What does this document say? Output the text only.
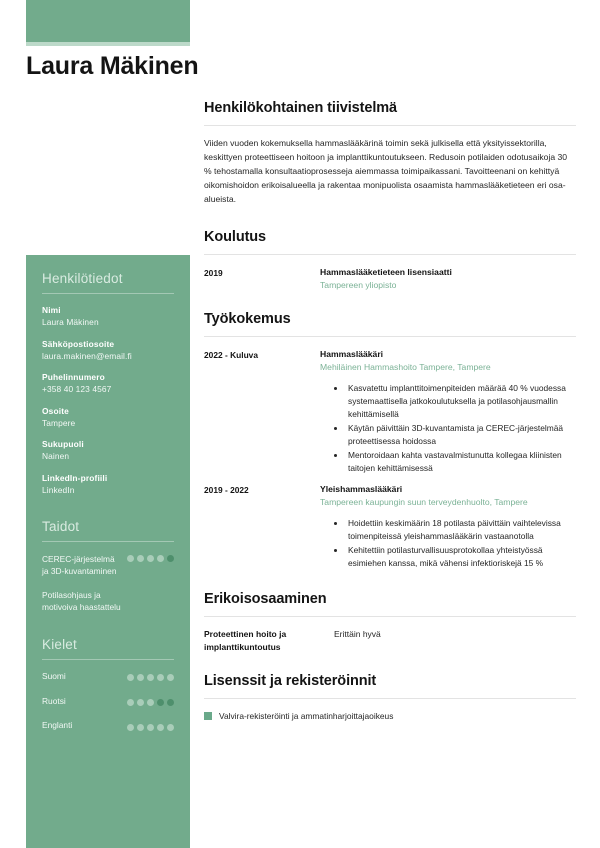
Laura Mäkinen
Henkilötiedot
Nimi
Laura Mäkinen
Sähköpostiosoite
laura.makinen@email.fi
Puhelinnumero
+358 40 123 4567
Osoite
Tampere
Sukupuoli
Nainen
LinkedIn-profiili
LinkedIn
Taidot
CEREC-järjestelmä ja 3D-kuvantaminen
Potilasohjaus ja motivoiva haastattelu
Kielet
Suomi
Ruotsi
Englanti
Henkilökohtainen tiivistelmä
Viiden vuoden kokemuksella hammaslääkärinä toimin sekä julkisella että yksityissektorilla, keskittyen proteettiseen hoitoon ja implanttikuntoutukseen. Redusoin potilaiden odotusaikoja 30 % tehostamalla konsultaatioprosesseja aiemmassa toimipaikassani. Tavoitteenani on kehittyä oikomishoidon erikoisalueella ja rakentaa monipuolista osaamista hammaslääketieteen eri osa-alueista.
Koulutus
2019	Hammaslääketieteen lisensiaatti
Tampereen yliopisto
Työkokemus
2022 - Kuluva	Hammaslääkäri
Mehiläinen Hammashoito Tampere, Tampere
• Kasvatettu implanttitoimenpiteiden määrää 40 % vuodessa systemaattisella jatkokoulutuksella ja potilasohjausmallin kehittämisellä
• Käytän päivittäin 3D-kuvantamista ja CEREC-järjestelmää proteettisessa hoidossa
• Mentoroidaan kahta vastavalmistunutta kollegaa kliinisten taitojen kehittämisessä
2019 - 2022	Yleishammaslääkäri
Tampereen kaupungin suun terveydenhuolto, Tampere
• Hoidettiin keskimäärin 18 potilasta päivittäin vaihtelevissa toimenpiteissä yleishammaslääkärin vastaanotolla
• Kehitettiin potilasturvallisuusprotokollaa yhteistyössä esimiehen kanssa, mikä vähensi infektioriskejä 15 %
Erikoisosaaminen
Proteettinen hoito ja implanttikuntoutus
Erittäin hyvä
Lisenssit ja rekisteröinnit
Valvira-rekisteröinti ja ammatinharjoittajaoikeus
